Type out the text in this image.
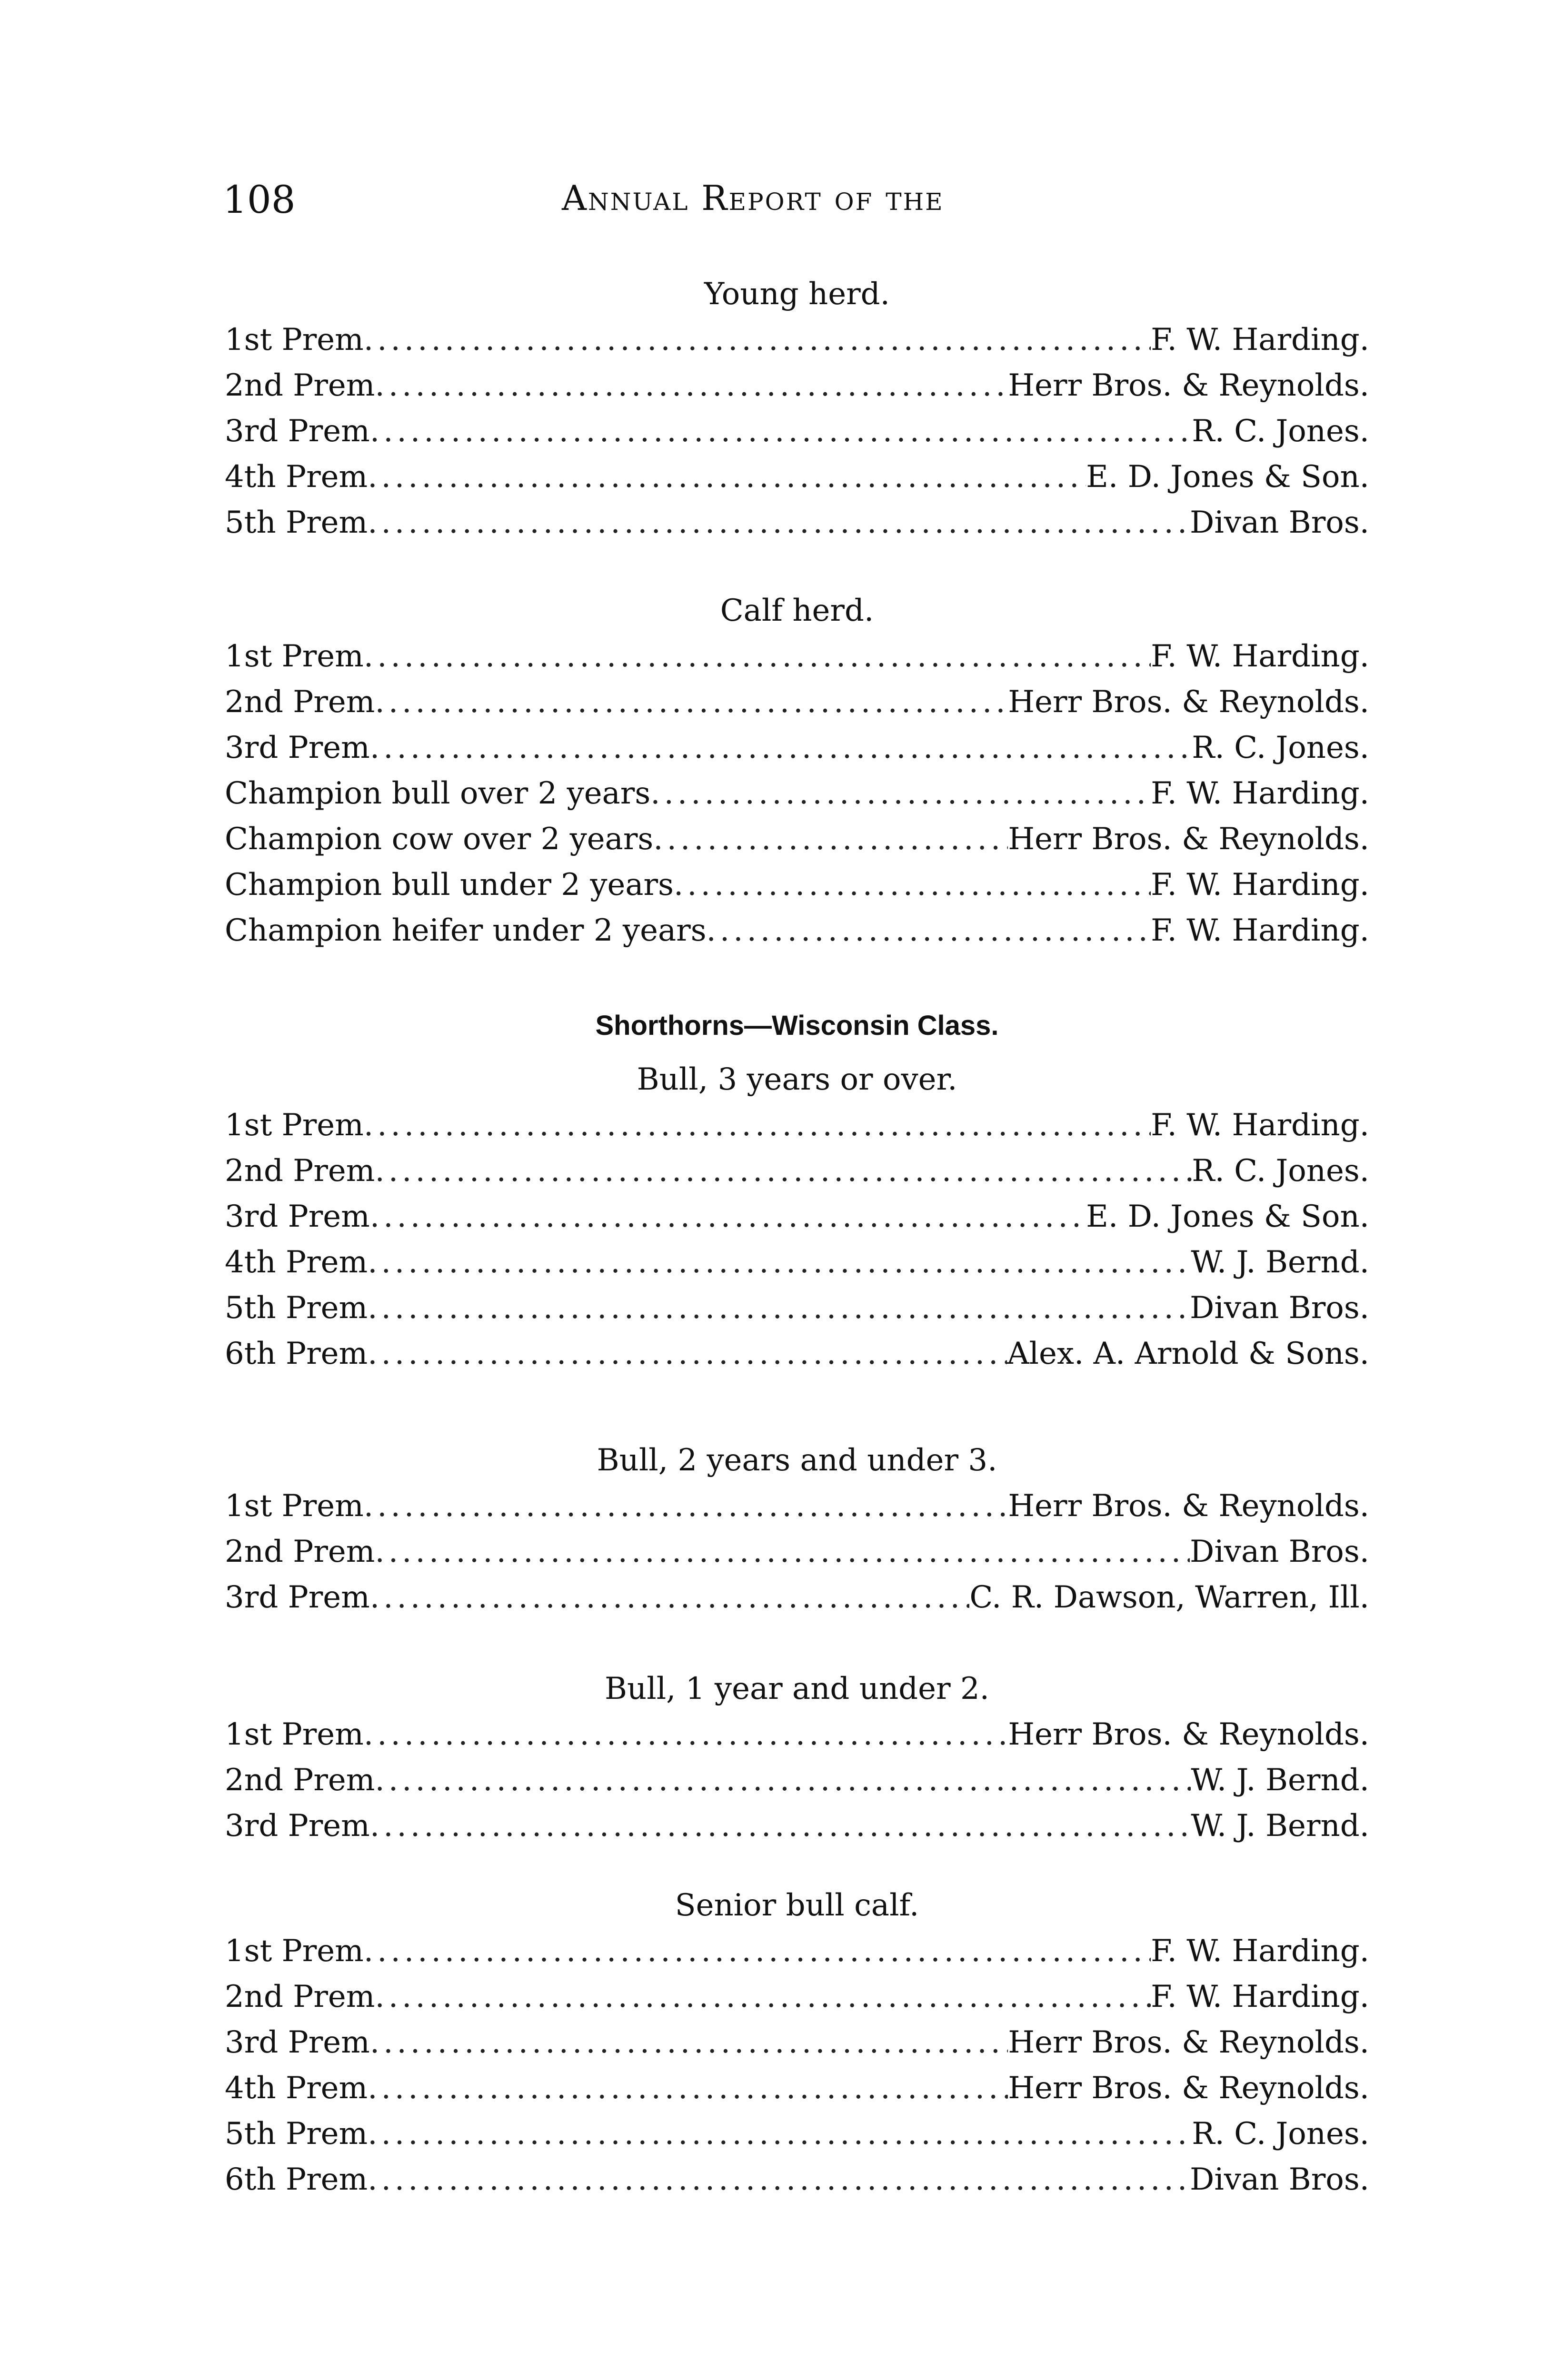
108	Annual Report of the
Young herd.
1st Prem .....	F. W. Harding.
2nd Prem .....	Herr Bros. & Reynolds.
3rd Prem .....	R. C. Jones.
4th Prem .....	E. D. Jones & Son.
5th Prem .....	Divan Bros.
Calf herd.
1st Prem .....	F. W. Harding.
2nd Prem .....	Herr Bros. & Reynolds.
3rd Prem .....	R. C. Jones.
Champion bull over 2 years .....	F. W. Harding.
Champion cow over 2 years .....	Herr Bros. & Reynolds.
Champion bull under 2 years .....	F. W. Harding.
Champion heifer under 2 years .....	F. W. Harding.
Shorthorns—Wisconsin Class.
Bull, 3 years or over.
1st Prem .....	F. W. Harding.
2nd Prem .....	R. C. Jones.
3rd Prem .....	E. D. Jones & Son.
4th Prem .....	W. J. Bernd.
5th Prem .....	Divan Bros.
6th Prem .....	Alex. A. Arnold & Sons.
Bull, 2 years and under 3.
1st Prem .....	Herr Bros. & Reynolds.
2nd Prem .....	Divan Bros.
3rd Prem .....	C. R. Dawson, Warren, Ill.
Bull, 1 year and under 2.
1st Prem .....	Herr Bros. & Reynolds.
2nd Prem .....	W. J. Bernd.
3rd Prem .....	W. J. Bernd.
Senior bull calf.
1st Prem .....	F. W. Harding.
2nd Prem .....	F. W. Harding.
3rd Prem .....	Herr Bros. & Reynolds.
4th Prem .....	Herr Bros. & Reynolds.
5th Prem .....	R. C. Jones.
6th Prem .....	Divan Bros.
